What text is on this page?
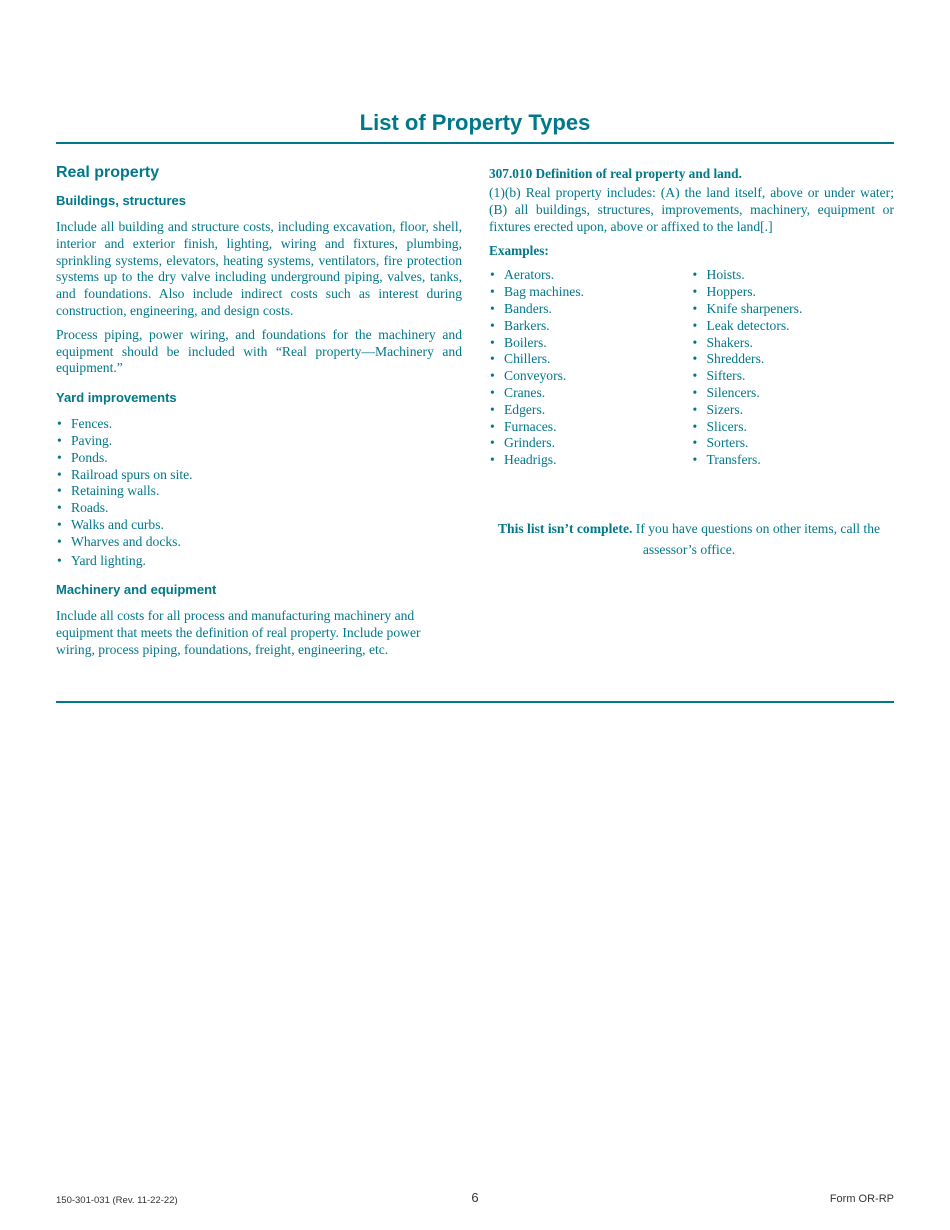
List of Property Types
Real property
Buildings, structures

Include all building and structure costs, including excavation, floor, shell, interior and exterior finish, lighting, wiring and fixtures, plumbing, sprinkling systems, elevators, heating systems, ventilators, fire protection systems up to the dry valve including underground piping, valves, tanks, and foundations. Also include indirect costs such as interest during construction, engineering, and design costs.

Process piping, power wiring, and foundations for the machinery and equipment should be included with “Real property—Machinery and equipment.”

Yard improvements
• Fences.
• Paving.
• Ponds.
• Railroad spurs on site.
• Retaining walls.
• Roads.
• Walks and curbs.
• Wharves and docks.
• Yard lighting.
Machinery and equipment

Include all costs for all process and manufacturing machinery and equipment that meets the definition of real property. Include power wiring, process piping, foundations, freight, engineering, etc.

307.010 Definition of real property and land.

(1)(b) Real property includes: (A) the land itself, above or under water; (B) all buildings, structures, improvements, machinery, equipment or fixtures erected upon, above or affixed to the land[.]

Examples:

• Aerators.
• Bag machines.
• Banders.
• Barkers.
• Boilers.
• Chillers.
• Conveyors.
• Cranes.
• Edgers.
• Furnaces.
• Grinders.
• Headrigs.
• Hoists.
• Hoppers.
• Knife sharpeners.
• Leak detectors.
• Shakers.
• Shredders.
• Sifters.
• Silencers.
• Sizers.
• Slicers.
• Sorters.
• Transfers.
This list isn’t complete. If you have questions on other items, call the assessor’s office.
150-301-031 (Rev. 11-22-22)	6	Form OR-RP
